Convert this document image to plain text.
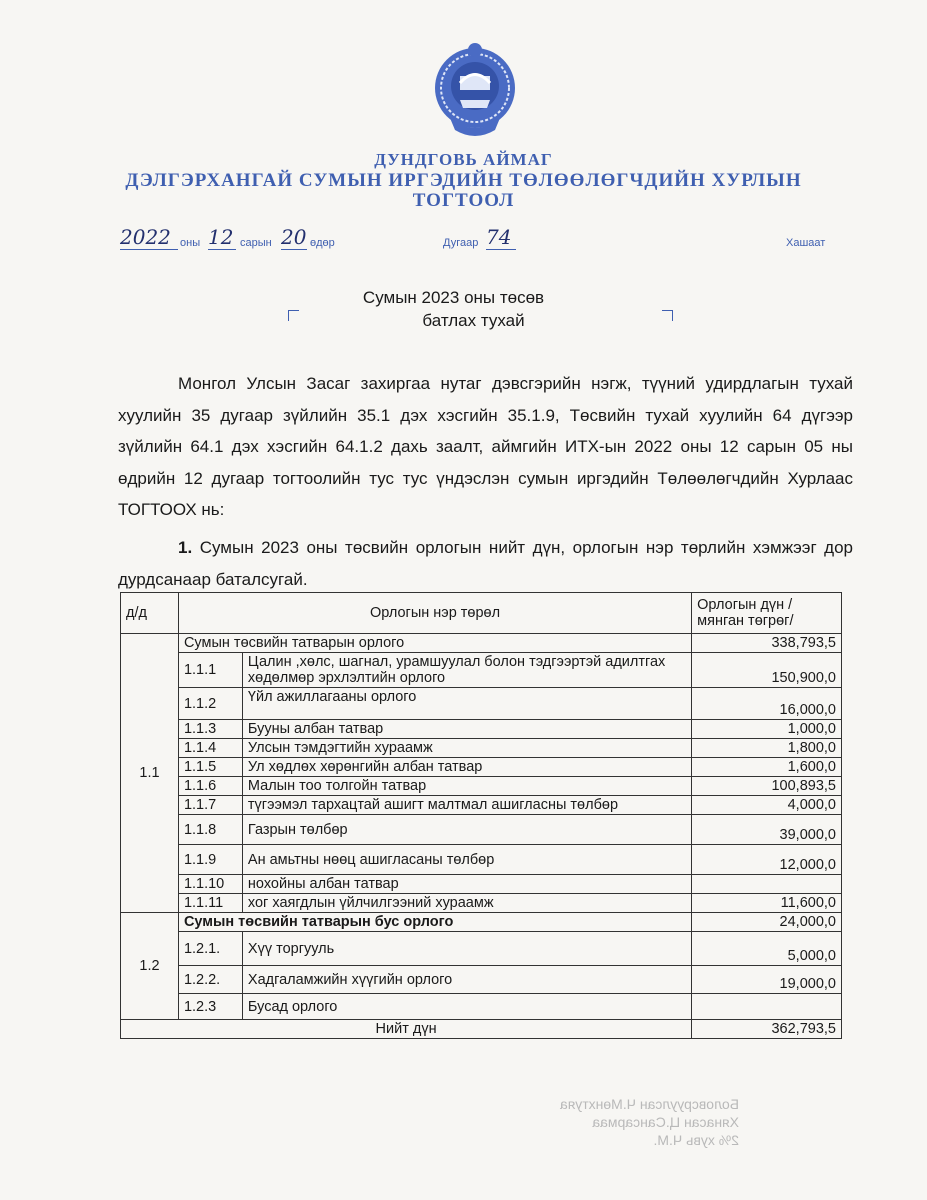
ДУНДГОВЬ АЙМАГ
ДЭЛГЭРХАНГАЙ СУМЫН ИРГЭДИЙН ТӨЛӨӨЛӨГЧДИЙН ХУРЛЫН
ТОГТООЛ
2022 оны 12 сарын 20 өдөр	Дугаар 74	Хашаат
Сумын 2023 оны төсөв
батлах тухай
Монгол Улсын Засаг захиргаа нутаг дэвсгэрийн нэгж, түүний удирдлагын тухай хуулийн 35 дугаар зүйлийн 35.1 дэх хэсгийн 35.1.9, Төсвийн тухай хуулийн 64 дүгээр зүйлийн 64.1 дэх хэсгийн 64.1.2 дахь заалт, аймгийн ИТХ-ын 2022 оны 12 сарын 05 ны өдрийн 12 дугаар тогтоолийн тус тус үндэслэн сумын иргэдийн Төлөөлөгчдийн Хурлаас ТОГТООХ нь:
1. Сумын 2023 оны төсвийн орлогын нийт дүн, орлогын нэр төрлийн хэмжээг дор дурдсанаар баталсугай.
д/д	Орлогын нэр төрөл		Орлогын дүн /мянган төгрөг/
1.1	Сумын төсвийн татварын орлого		338,793,5
	1.1.1	Цалин ,хөлс, шагнал, урамшуулал болон тэдгээртэй адилтгах хөдөлмөр эрхлэлтийн орлого	150,900,0
	1.1.2	Үйл ажиллагааны орлого	16,000,0
	1.1.3	Бууны албан татвар	1,000,0
	1.1.4	Улсын тэмдэгтийн хураамж	1,800,0
	1.1.5	Ул хөдлөх хөрөнгийн албан татвар	1,600,0
	1.1.6	Малын тоо толгойн татвар	100,893,5
	1.1.7	түгээмэл тархацтай ашигт малтмал ашигласны төлбөр	4,000,0
	1.1.8	Газрын төлбөр	39,000,0
	1.1.9	Ан амьтны нөөц ашигласаны төлбөр	12,000,0
	1.1.10	нохойны албан татвар	
	1.1.11	хог хаягдлын үйлчилгээний хураамж	11,600,0
1.2	Сумын төсвийн татварын бус орлого		24,000,0
	1.2.1.	Хүү торгууль	5,000,0
	1.2.2.	Хадгаламжийн хүүгийн орлого	19,000,0
	1.2.3	Бусад орлого	
Нийт дүн			362,793,5
Боловсруулсан Ч.Мөнхтуяа
Хянасан Ц.Сансармаа
2% хувь Ч.М.
